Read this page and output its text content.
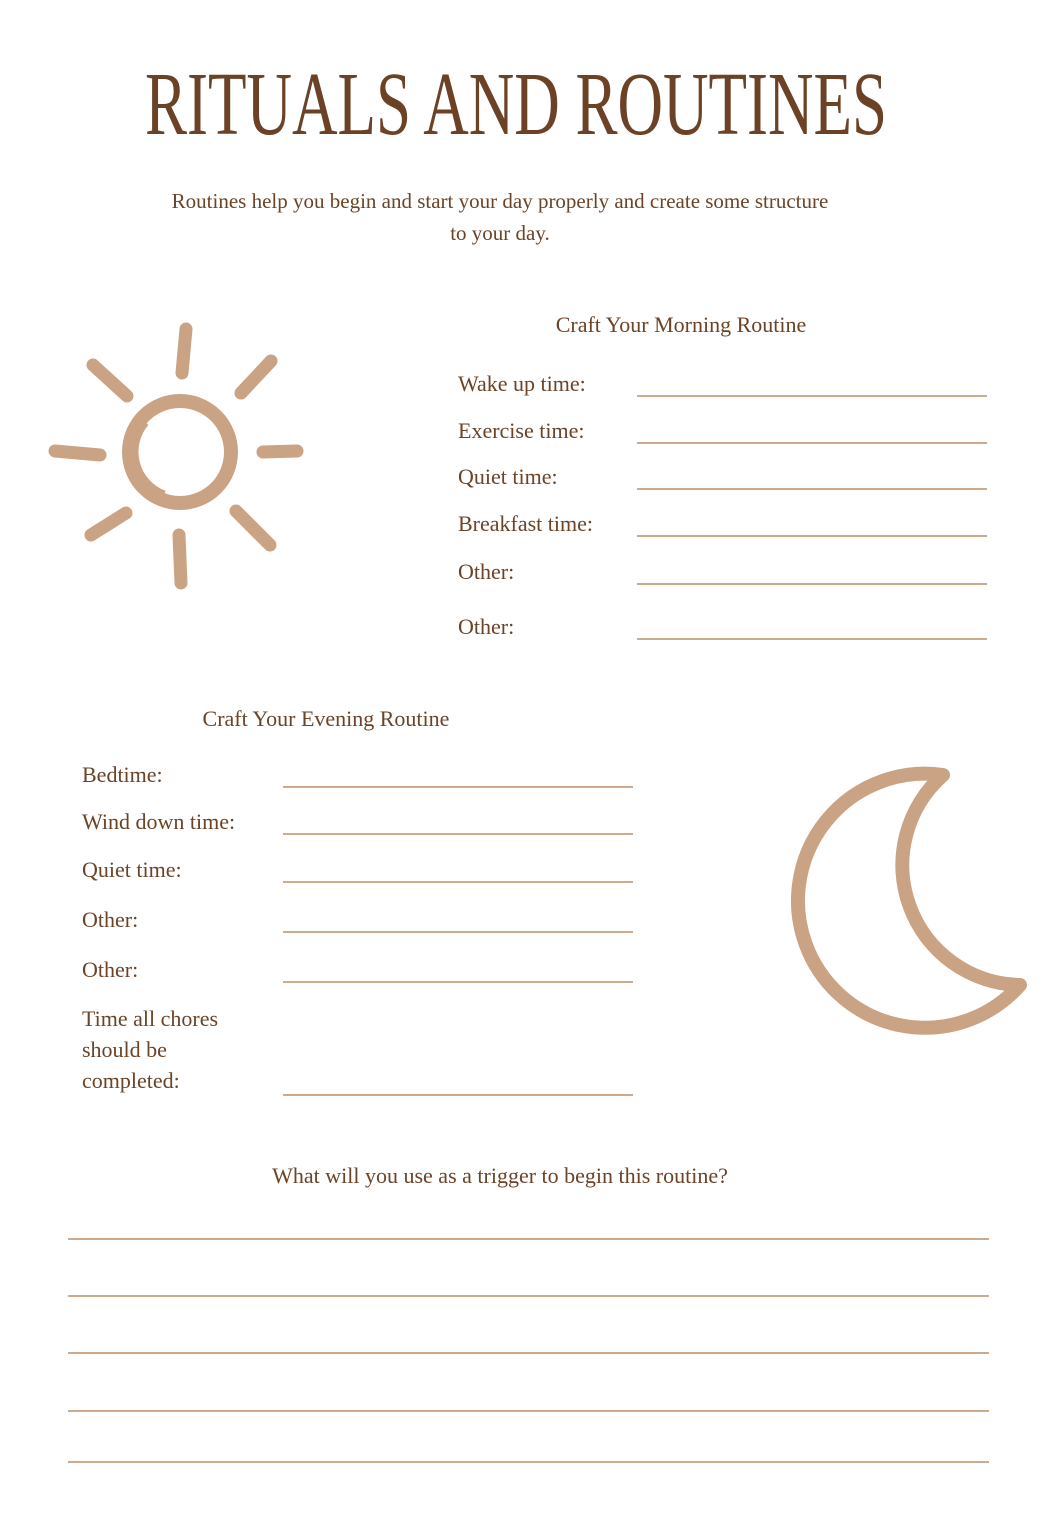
RITUALS AND ROUTINES

Routines help you begin and start your day properly and create some structure
to your day.

Craft Your Morning Routine
Wake up time:
Exercise time:
Quiet time:
Breakfast time:
Other:
Other:
Craft Your Evening Routine
Bedtime:
Wind down time:
Quiet time:
Other:
Other:
Time all chores should be completed:
What will you use as a trigger to begin this routine?
